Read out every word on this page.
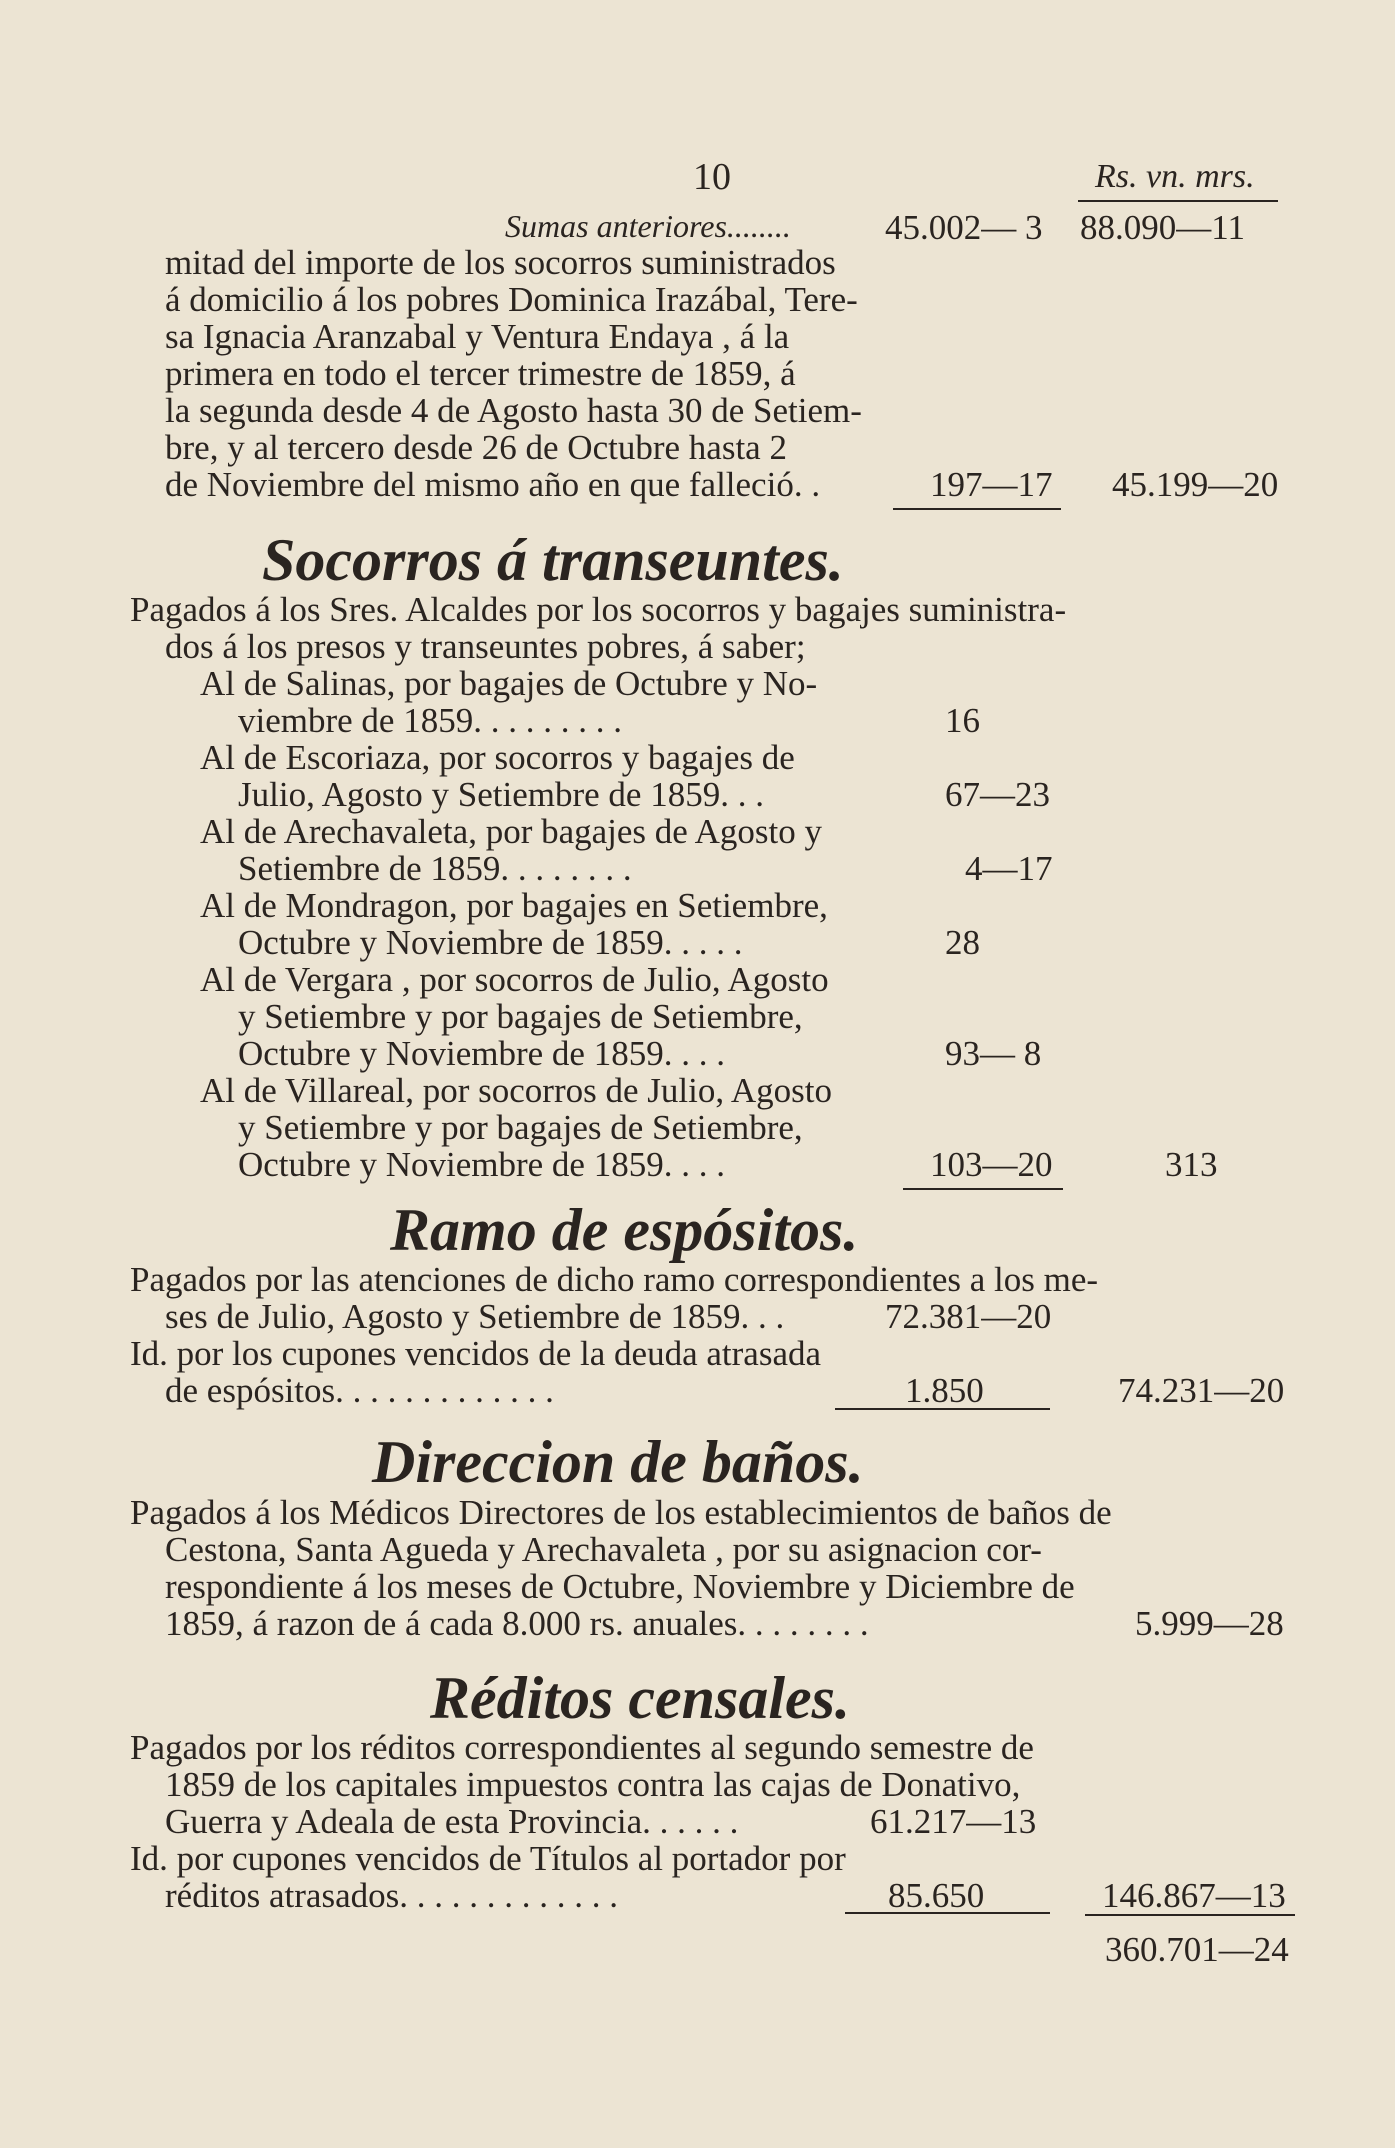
10	Rs. vn. mrs.
Sumas anteriores........	45.002— 3 88.090—11
mitad del importe de los socorros suministrados
á domicilio á los pobres Dominica Irazábal, Tere-
sa Ignacia Aranzabal y Ventura Endaya , á la
primera en todo el tercer trimestre de 1859, á
la segunda desde 4 de Agosto hasta 30 de Setiem-
bre, y al tercero desde 26 de Octubre hasta 2
de Noviembre del mismo año en que falleció. .	197—17 45.199—20
Socorros á transeuntes.
Pagados á los Sres. Alcaldes por los socorros y bagajes suministra-
dos á los presos y transeuntes pobres, á saber;
Al de Salinas, por bagajes de Octubre y No-
viembre de 1859. . . . . . . . .	16
Al de Escoriaza, por socorros y bagajes de
Julio, Agosto y Setiembre de 1859. . .	67—23
Al de Arechavaleta, por bagajes de Agosto y
Setiembre de 1859. . . . . . . .	4—17
Al de Mondragon, por bagajes en Setiembre,
Octubre y Noviembre de 1859. . . . .	28
Al de Vergara , por socorros de Julio, Agosto
y Setiembre y por bagajes de Setiembre,
Octubre y Noviembre de 1859. . . .	93— 8
Al de Villareal, por socorros de Julio, Agosto
y Setiembre y por bagajes de Setiembre,
Octubre y Noviembre de 1859. . . .	103—20	313
Ramo de espósitos.
Pagados por las atenciones de dicho ramo correspondientes a los me-
ses de Julio, Agosto y Setiembre de 1859. . .	72.381—20
Id. por los cupones vencidos de la deuda atrasada
de espósitos. . . . . . . . . . . . .	1.850	74.231—20
Direccion de baños.
Pagados á los Médicos Directores de los establecimientos de baños de
Cestona, Santa Agueda y Arechavaleta , por su asignacion cor-
respondiente á los meses de Octubre, Noviembre y Diciembre de
1859, á razon de á cada 8.000 rs. anuales. . . . . . . .	5.999—28
Réditos censales.
Pagados por los réditos correspondientes al segundo semestre de
1859 de los capitales impuestos contra las cajas de Donativo,
Guerra y Adeala de esta Provincia. . . . . .	61.217—13
Id. por cupones vencidos de Títulos al portador por
réditos atrasados. . . . . . . . . . . . .	85.650	146.867—13
360.701—24
